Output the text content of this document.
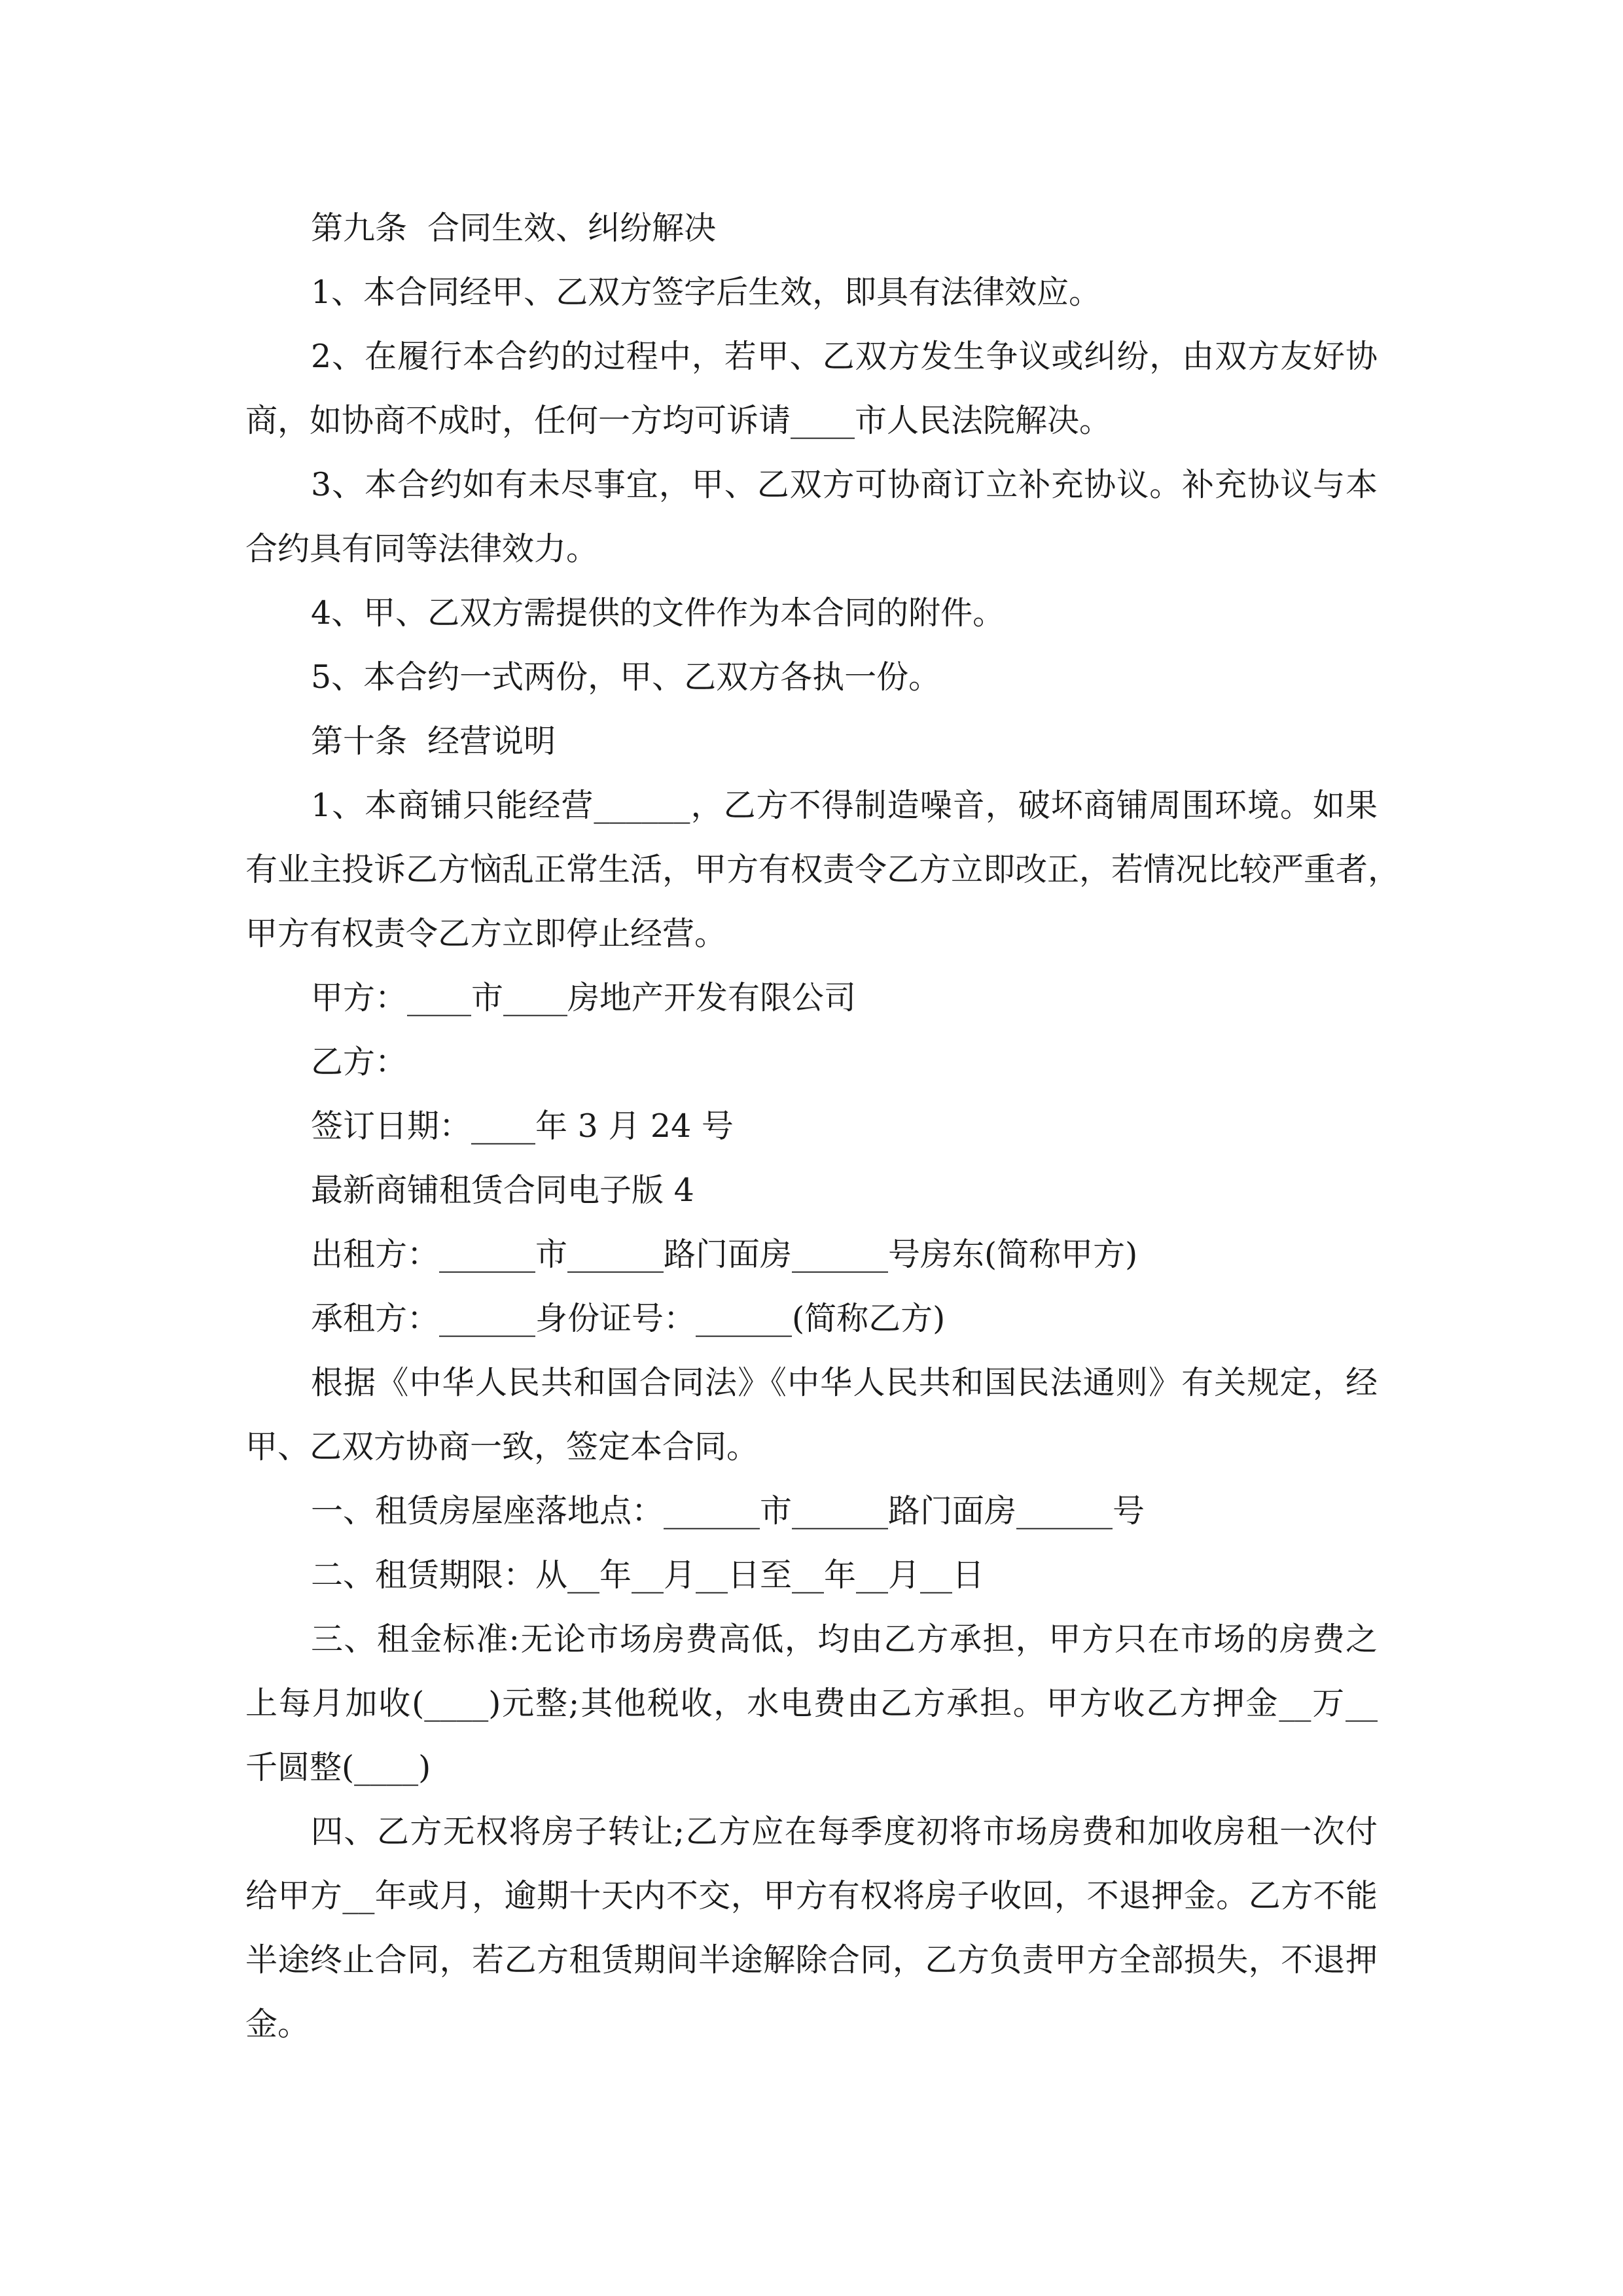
第九条  合同生效、纠纷解决

1、本合同经甲、乙双方签字后生效，即具有法律效应。

2、在履行本合约的过程中，若甲、乙双方发生争议或纠纷，由双方友好协

商，如协商不成时，任何一方均可诉请____市人民法院解决。

3、本合约如有未尽事宜，甲、乙双方可协商订立补充协议。补充协议与本

合约具有同等法律效力。

4、甲、乙双方需提供的文件作为本合同的附件。

5、本合约一式两份，甲、乙双方各执一份。

第十条  经营说明

1、本商铺只能经营______，乙方不得制造噪音，破坏商铺周围环境。如果

有业主投诉乙方恼乱正常生活，甲方有权责令乙方立即改正，若情况比较严重者，

甲方有权责令乙方立即停止经营。

甲方：____市____房地产开发有限公司

乙方：

签订日期：____年 3 月 24 号

最新商铺租赁合同电子版 4

出租方：______市______路门面房______号房东(简称甲方)

承租方：______身份证号：______(简称乙方)

根据《中华人民共和国合同法》《中华人民共和国民法通则》有关规定，经

甲、乙双方协商一致，签定本合同。

一、租赁房屋座落地点：______市______路门面房______号

二、租赁期限：从__年__月__日至__年__月__日

三、租金标准:无论市场房费高低，均由乙方承担，甲方只在市场的房费之

上每月加收(____)元整;其他税收，水电费由乙方承担。甲方收乙方押金__万__

千圆整(____)

四、乙方无权将房子转让;乙方应在每季度初将市场房费和加收房租一次付

给甲方__年或月，逾期十天内不交，甲方有权将房子收回，不退押金。乙方不能

半途终止合同，若乙方租赁期间半途解除合同，乙方负责甲方全部损失，不退押

金。
